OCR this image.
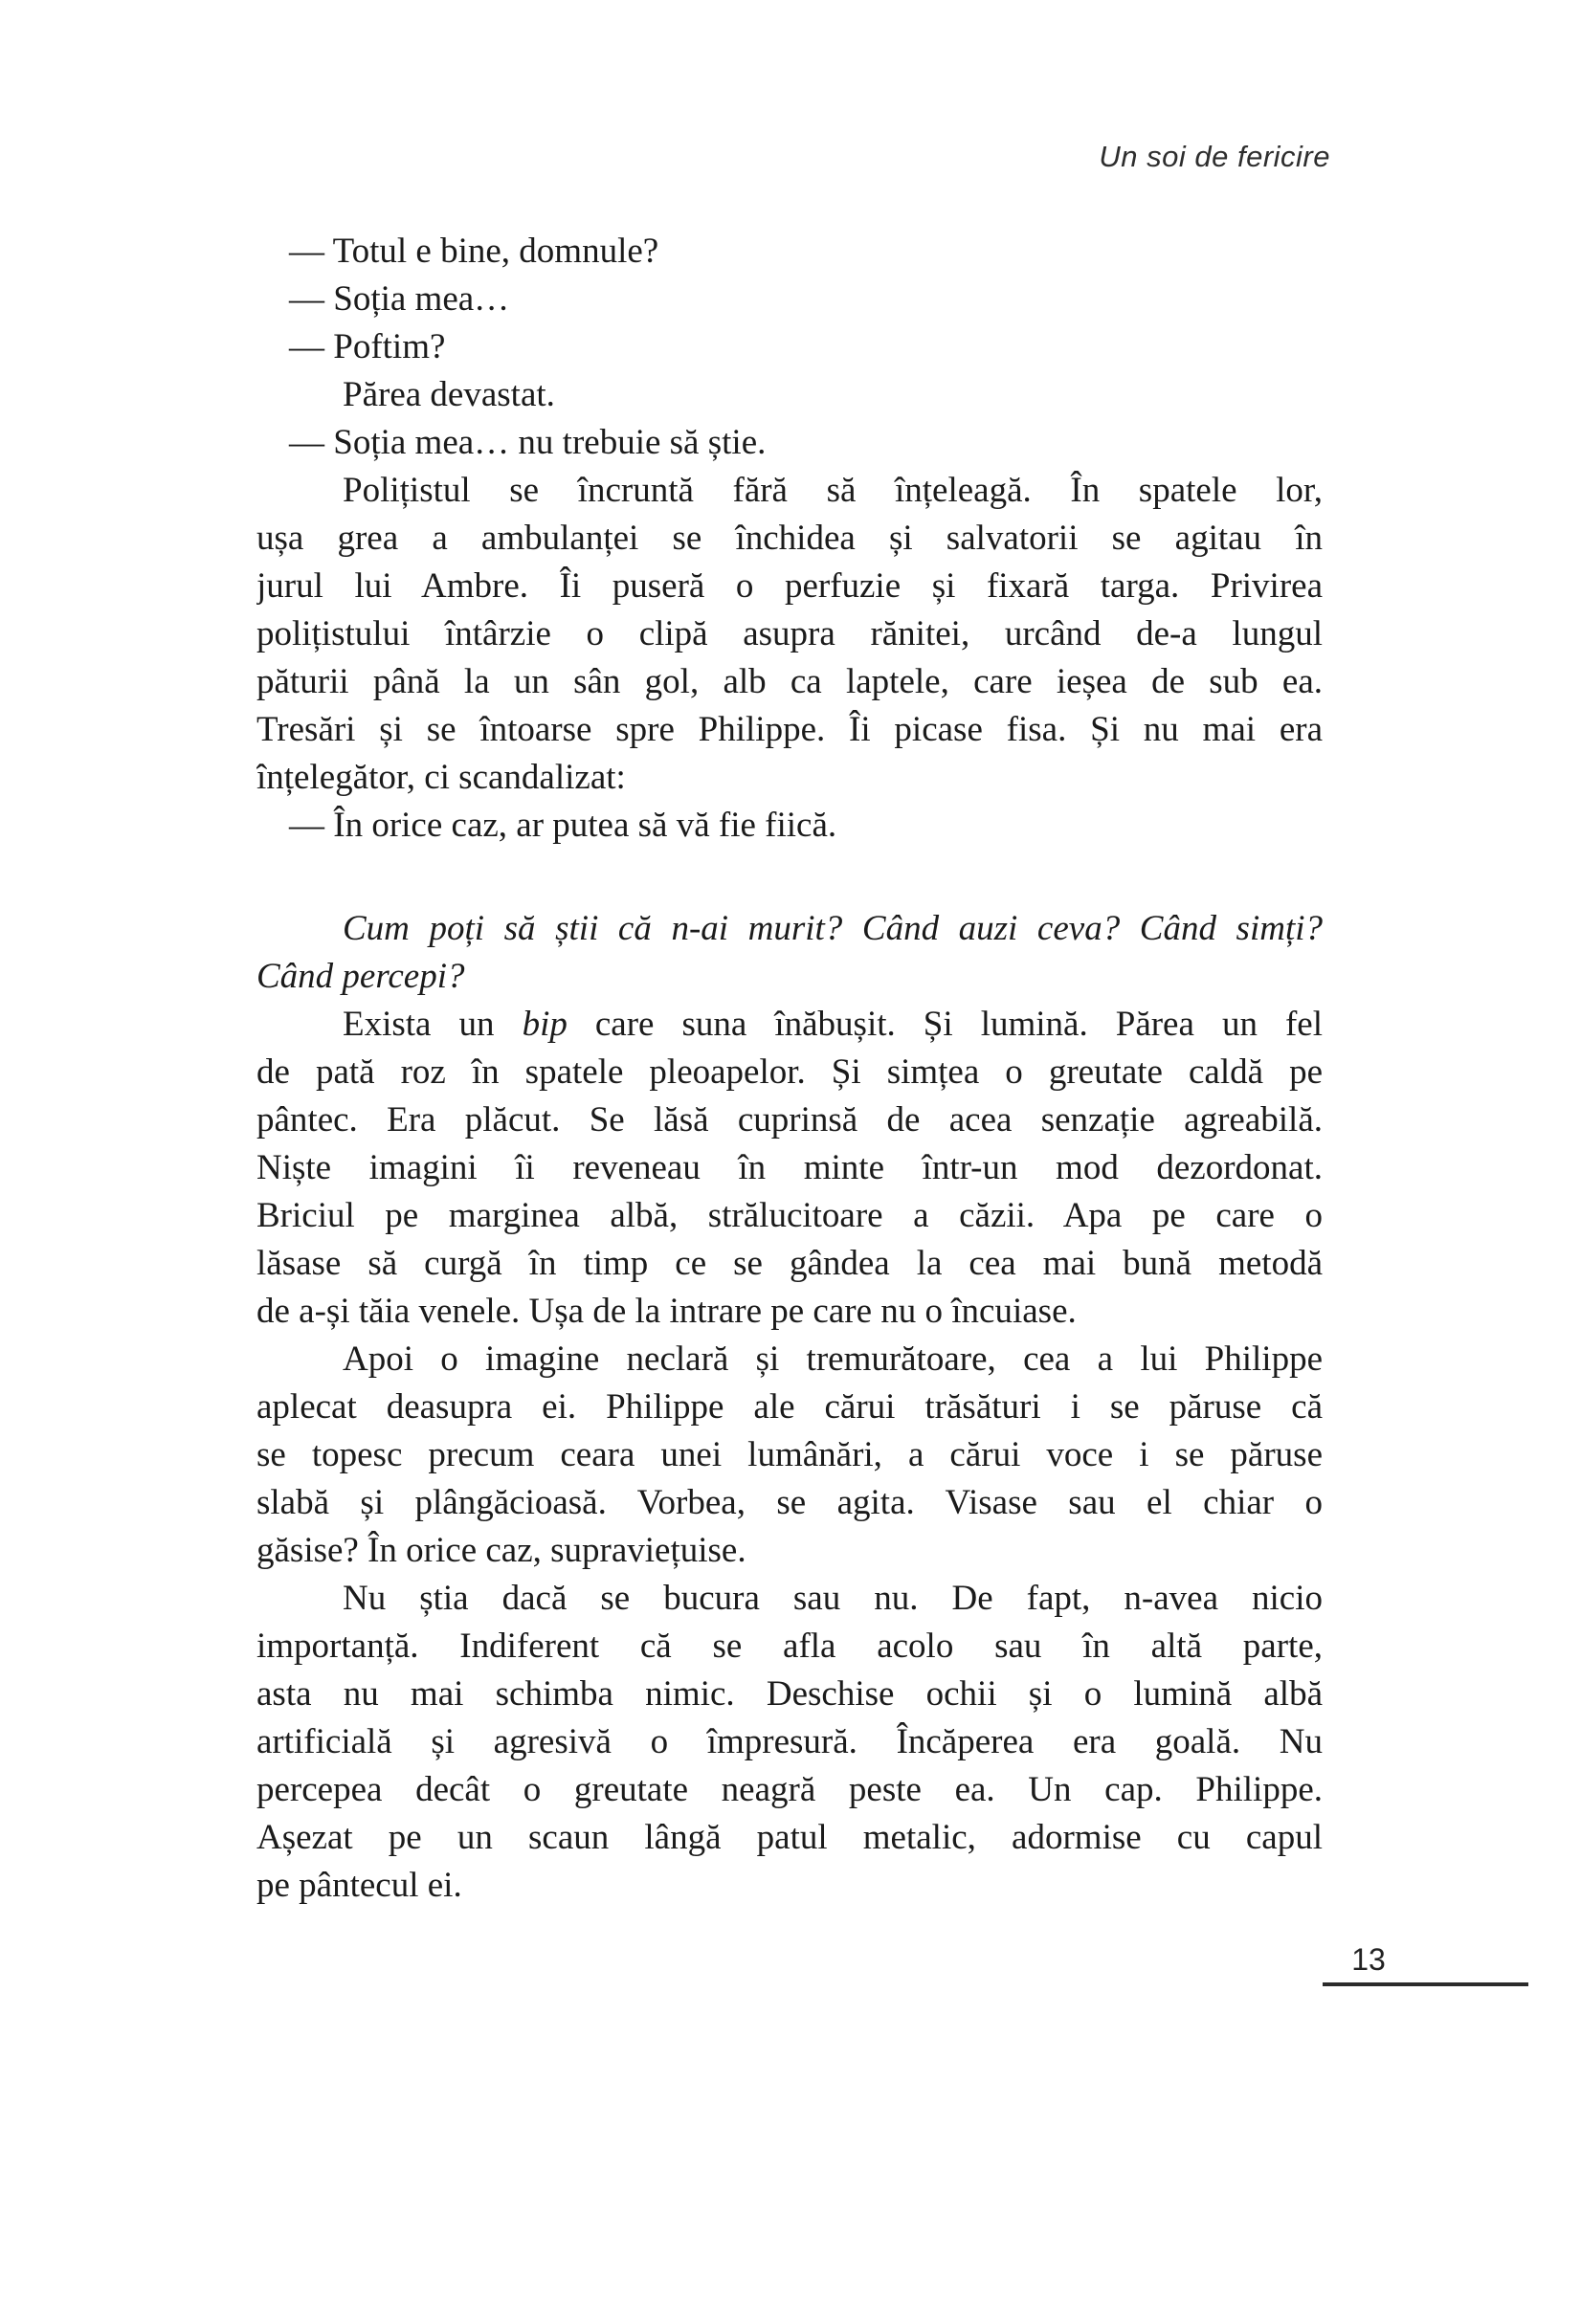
Un soi de fericire
— Totul e bine, domnule?
— Soția mea…
— Poftim?
Părea devastat.
— Soția mea… nu trebuie să știe.
Polițistul se încruntă fără să înțeleagă. În spatele lor,
ușa grea a ambulanței se închidea și salvatorii se agitau în
jurul lui Ambre. Îi puseră o perfuzie și fixară targa. Privirea
polițistului întârzie o clipă asupra rănitei, urcând de-a lungul
păturii până la un sân gol, alb ca laptele, care ieșea de sub ea.
Tresări și se întoarse spre Philippe. Îi picase fisa. Și nu mai era
înțelegător, ci scandalizat:
— În orice caz, ar putea să vă fie fiică.
Cum poți să știi că n-ai murit? Când auzi ceva? Când simți?
Când percepi?
Exista un bip care suna înăbușit. Și lumină. Părea un fel
de pată roz în spatele pleoapelor. Și simțea o greutate caldă pe
pântec. Era plăcut. Se lăsă cuprinsă de acea senzație agreabilă.
Niște imagini îi reveneau în minte într-un mod dezordonat.
Briciul pe marginea albă, strălucitoare a căzii. Apa pe care o
lăsase să curgă în timp ce se gândea la cea mai bună metodă
de a-și tăia venele. Ușa de la intrare pe care nu o încuiase.
Apoi o imagine neclară și tremurătoare, cea a lui Philippe
aplecat deasupra ei. Philippe ale cărui trăsături i se păruse că
se topesc precum ceara unei lumânări, a cărui voce i se păruse
slabă și plângăcioasă. Vorbea, se agita. Visase sau el chiar o
găsise? În orice caz, supraviețuise.
Nu știa dacă se bucura sau nu. De fapt, n-avea nicio
importanță. Indiferent că se afla acolo sau în altă parte,
asta nu mai schimba nimic. Deschise ochii și o lumină albă
artificială și agresivă o împresură. Încăperea era goală. Nu
percepea decât o greutate neagră peste ea. Un cap. Philippe.
Așezat pe un scaun lângă patul metalic, adormise cu capul
pe pântecul ei.
13
